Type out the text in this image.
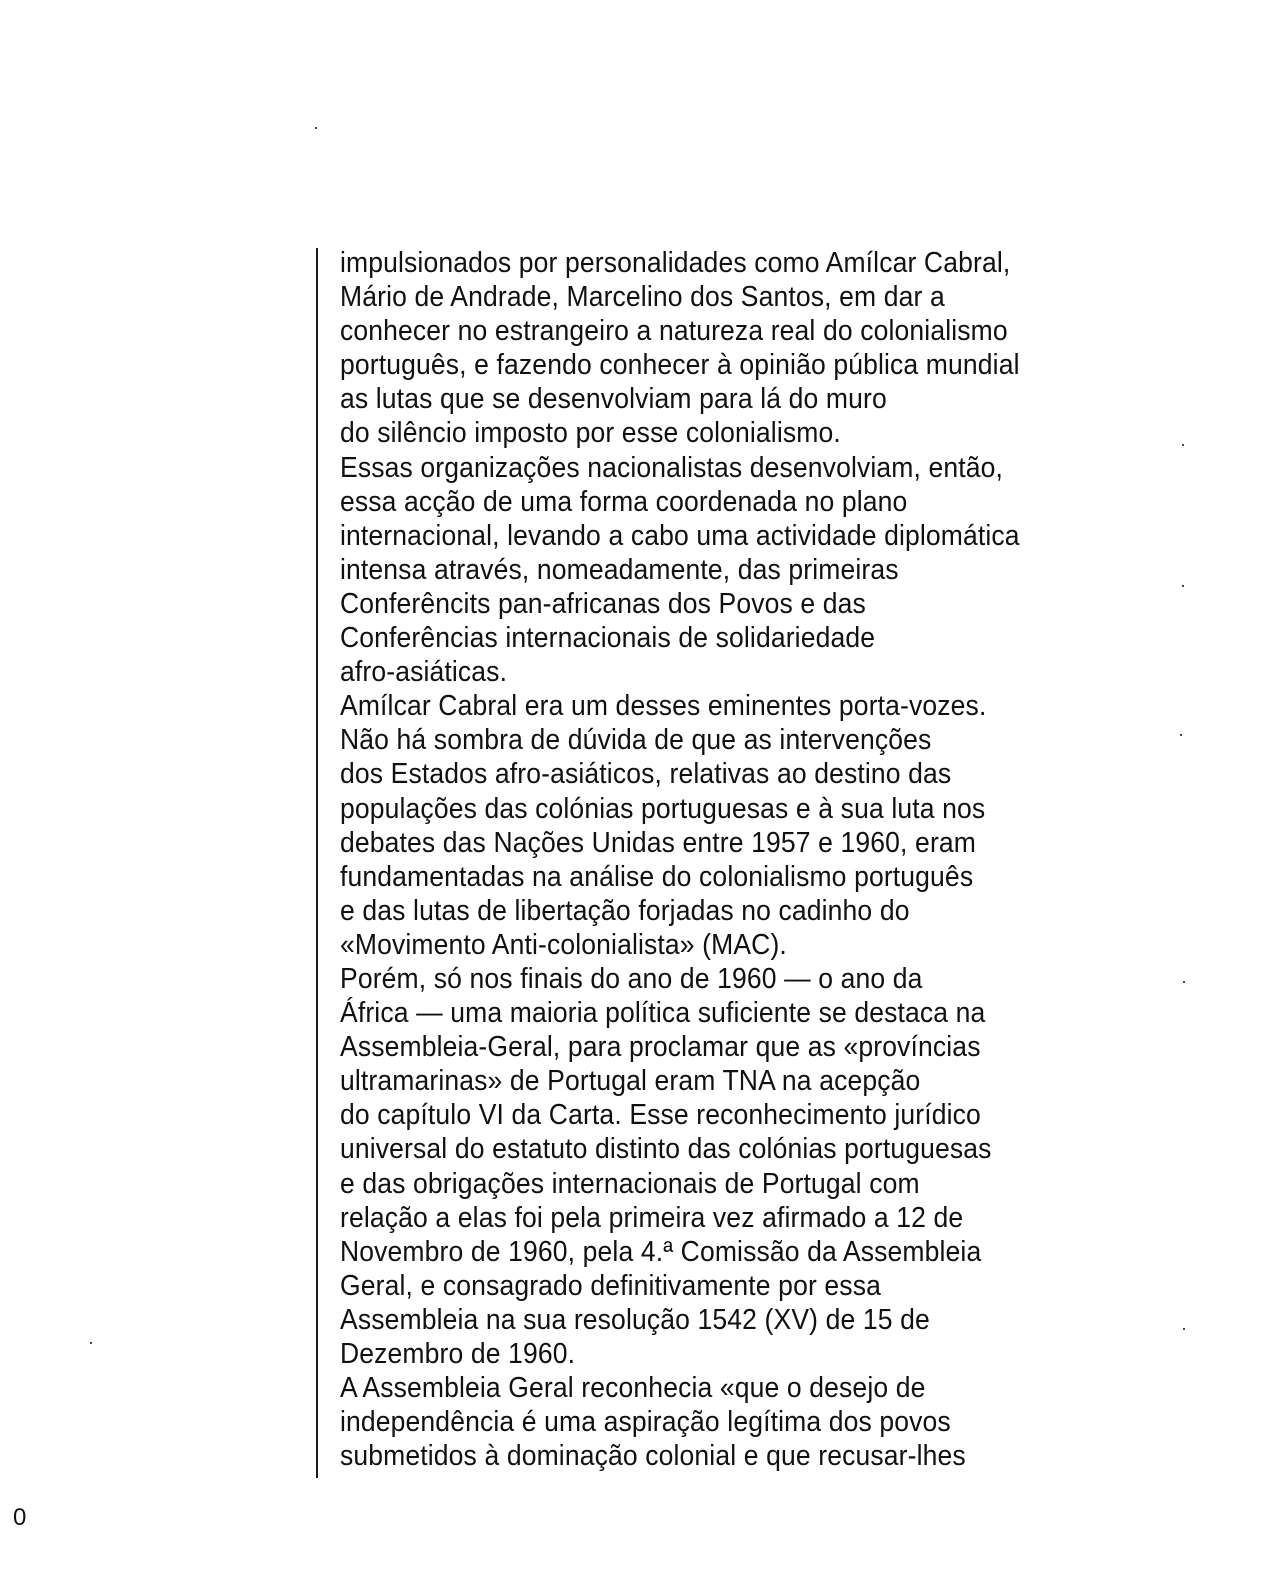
impulsionados por personalidades como Amílcar Cabral,
Mário de Andrade, Marcelino dos Santos, em dar a
conhecer no estrangeiro a natureza real do colonialismo
português, e fazendo conhecer à opinião pública mundial
as lutas que se desenvolviam para lá do muro
do silêncio imposto por esse colonialismo.
Essas organizações nacionalistas desenvolviam, então,
essa acção de uma forma coordenada no plano
internacional, levando a cabo uma actividade diplomática
intensa através, nomeadamente, das primeiras
Conferêncits pan-africanas dos Povos e das
Conferências internacionais de solidariedade
afro-asiáticas.
Amílcar Cabral era um desses eminentes porta-vozes.
Não há sombra de dúvida de que as intervenções
dos Estados afro-asiáticos, relativas ao destino das
populações das colónias portuguesas e à sua luta nos
debates das Nações Unidas entre 1957 e 1960, eram
fundamentadas na análise do colonialismo português
e das lutas de libertação forjadas no cadinho do
«Movimento Anti-colonialista» (MAC).
Porém, só nos finais do ano de 1960 — o ano da
África — uma maioria política suficiente se destaca na
Assembleia-Geral, para proclamar que as «províncias
ultramarinas» de Portugal eram TNA na acepção
do capítulo VI da Carta. Esse reconhecimento jurídico
universal do estatuto distinto das colónias portuguesas
e das obrigações internacionais de Portugal com
relação a elas foi pela primeira vez afirmado a 12 de
Novembro de 1960, pela 4.ª Comissão da Assembleia
Geral, e consagrado definitivamente por essa
Assembleia na sua resolução 1542 (XV) de 15 de
Dezembro de 1960.
A Assembleia Geral reconhecia «que o desejo de
independência é uma aspiração legítima dos povos
submetidos à dominação colonial e que recusar-lhes
0
